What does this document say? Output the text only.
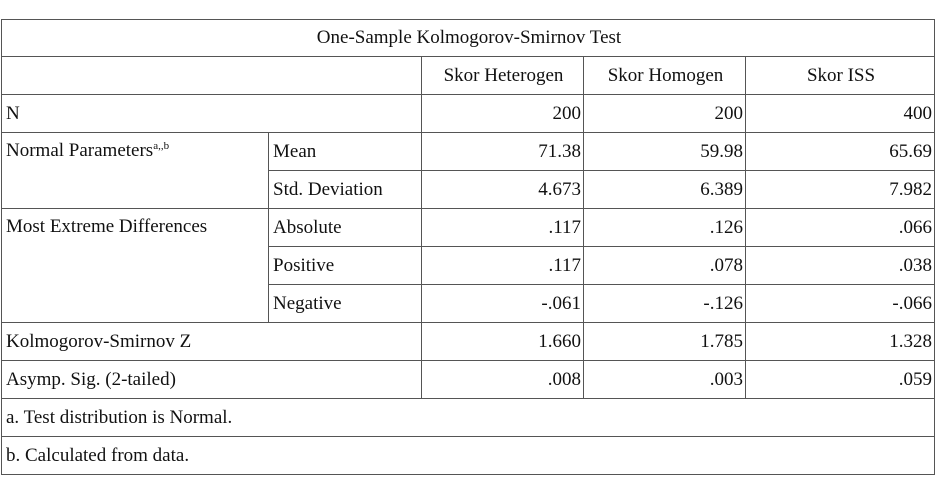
One-Sample Kolmogorov-Smirnov Test				
		Skor Heterogen	Skor Homogen	Skor ISS
N		200	200	400
Normal Parameters$^{a,,b}$	Mean	71.38	59.98	65.69
	Std. Deviation	4.673	6.389	7.982
Most Extreme Differences	Absolute	.117	.126	.066
	Positive	.117	.078	.038
	Negative	-.061	-.126	-.066
Kolmogorov-Smirnov Z		1.660	1.785	1.328
Asymp. Sig. (2-tailed)		.008	.003	.059
a. Test distribution is Normal.				
b. Calculated from data.				
